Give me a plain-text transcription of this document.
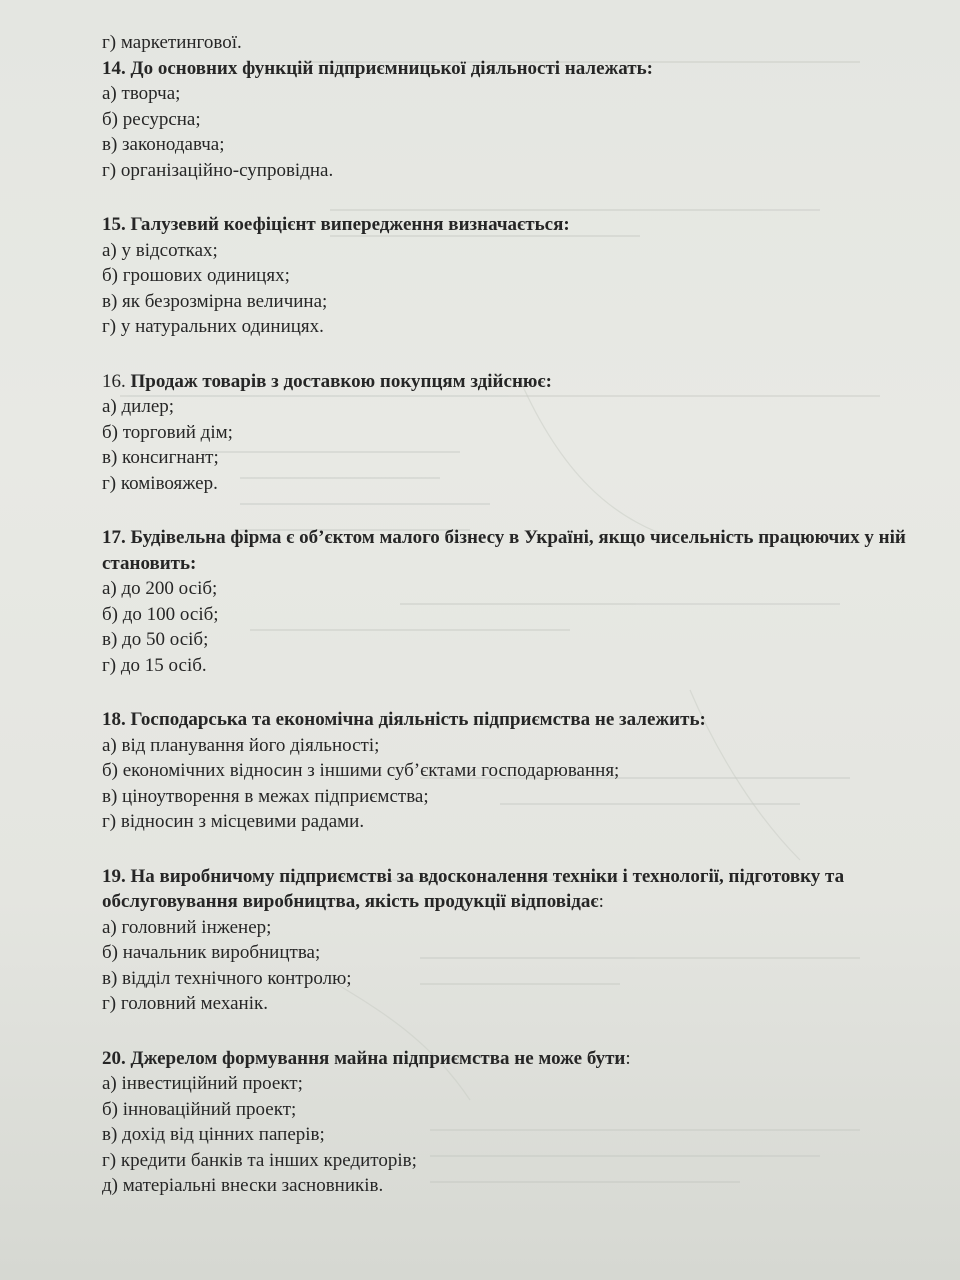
г) маркетингової.

14. До основних функцій підприємницької діяльності належать:

а) творча;

б) ресурсна;

в) законодавча;

г) організаційно-супровідна.

15. Галузевий коефіцієнт випередження визначається:

а) у відсотках;

б) грошових одиницях;

в) як безрозмірна величина;

г) у натуральних одиницях.

16. Продаж товарів з доставкою покупцям здійснює:

а) дилер;

б) торговий дім;

в) консигнант;

г) комівояжер.

17. Будівельна фірма є об’єктом малого бізнесу в Україні, якщо чисельність працюючих у ній становить:

а) до 200 осіб;

б) до 100 осіб;

в) до 50 осіб;

г) до 15 осіб.

18. Господарська та економічна діяльність підприємства не залежить:

а) від планування його діяльності;

б) економічних відносин з іншими суб’єктами господарювання;

в) ціноутворення в межах підприємства;

г) відносин з місцевими радами.

19. На виробничому підприємстві за вдосконалення техніки і технології, підготовку та обслуговування виробництва, якість продукції відповідає:

а) головний інженер;

б) начальник виробництва;

в) відділ технічного контролю;

г) головний механік.

20. Джерелом формування майна підприємства не може бути:

а) інвестиційний проект;

б) інноваційний проект;

в) дохід від цінних паперів;

г) кредити банків та інших кредиторів;

д) матеріальні внески засновників.
